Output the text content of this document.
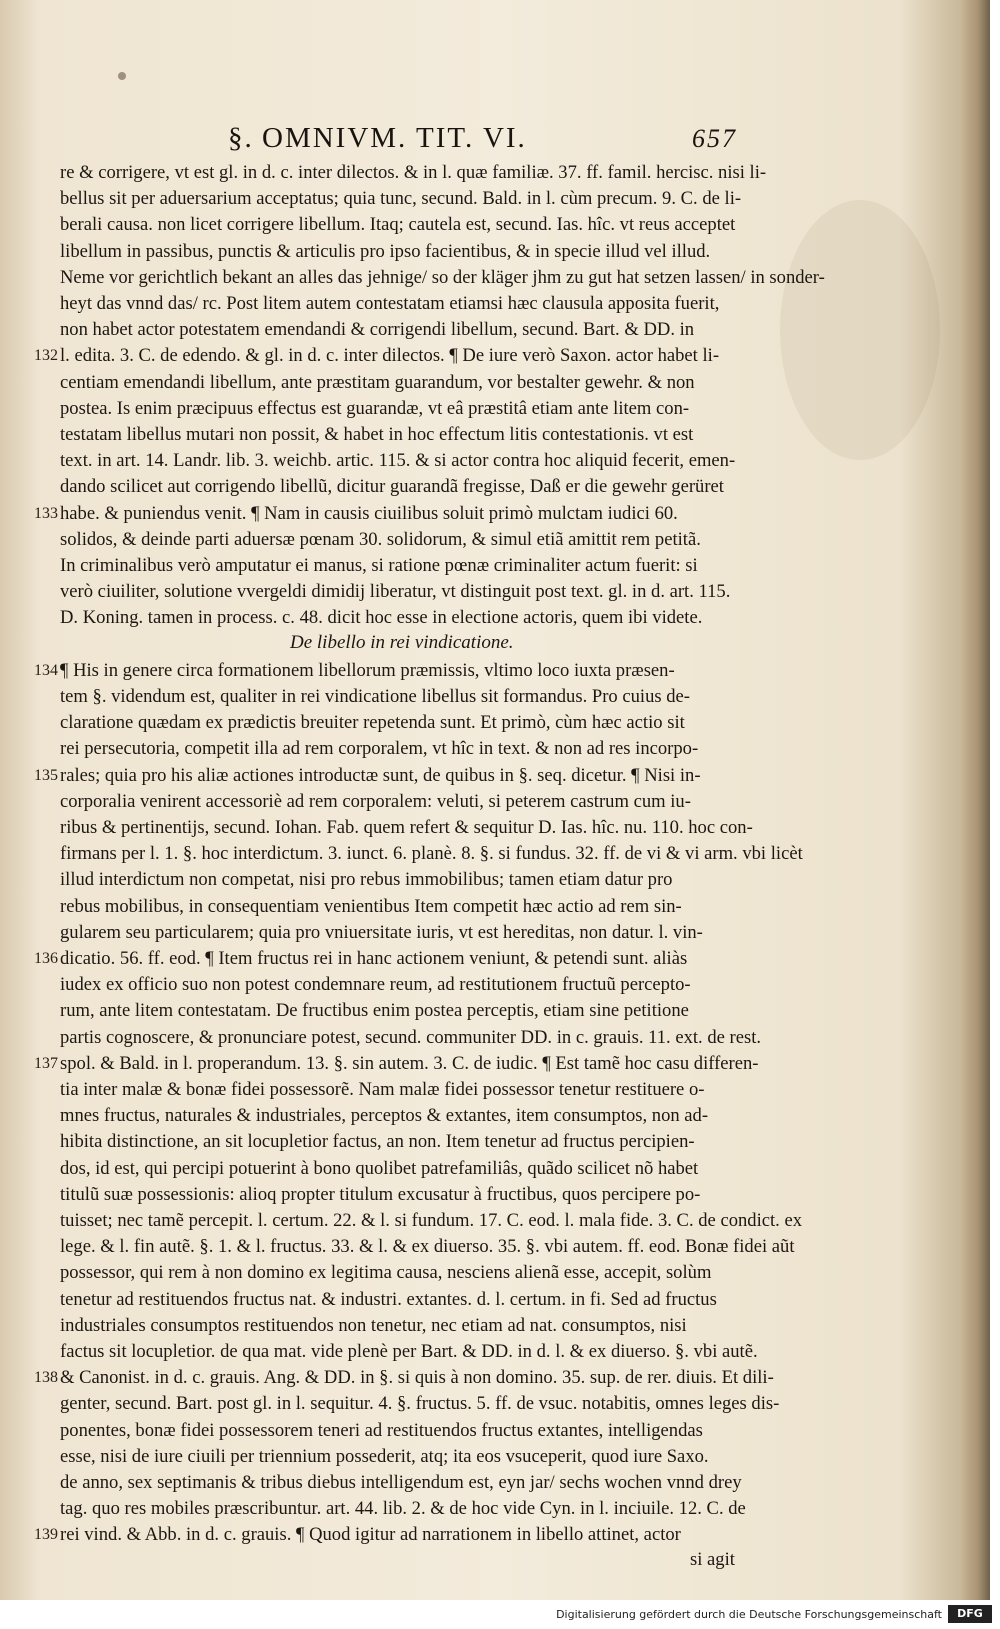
§. OMNIVM. TIT. VI.	657
re & corrigere, vt est gl. in d. c. inter dilectos. & in l. quæ familiæ. 37. ff. famil. hercisc. nisi li-
bellus sit per aduersarium acceptatus; quia tunc, secund. Bald. in l. cùm precum. 9. C. de li-
berali causa. non licet corrigere libellum. Itaq; cautela est, secund. Ias. hîc. vt reus acceptet
libellum in passibus, punctis & articulis pro ipso facientibus, & in specie illud vel illud.
Neme vor gerichtlich bekant an alles das jehnige/ so der kläger jhm zu gut hat setzen lassen/ in sonder-
heyt das vnnd das/ rc. Post litem autem contestatam etiamsi hæc clausula apposita fuerit,
non habet actor potestatem emendandi & corrigendi libellum, secund. Bart. & DD. in
l. edita. 3. C. de edendo. & gl. in d. c. inter dilectos. ¶ De iure verò Saxon. actor habet li-
132
centiam emendandi libellum, ante præstitam guarandum, vor bestalter gewehr. & non
postea. Is enim præcipuus effectus est guarandæ, vt eâ præstitâ etiam ante litem con-
testatam libellus mutari non possit, & habet in hoc effectum litis contestationis. vt est
text. in art. 14. Landr. lib. 3. weichb. artic. 115. & si actor contra hoc aliquid fecerit, emen-
dando scilicet aut corrigendo libellũ, dicitur guarandã fregisse, Daß er die gewehr gerüret
habe. & puniendus venit. ¶ Nam in causis ciuilibus soluit primò mulctam iudici 60.
133
solidos, & deinde parti aduersæ pœnam 30. solidorum, & simul etiã amittit rem petitã.
In criminalibus verò amputatur ei manus, si ratione pœnæ criminaliter actum fuerit: si
verò ciuiliter, solutione vvergeldi dimidij liberatur, vt distinguit post text. gl. in d. art. 115.
D. Koning. tamen in process. c. 48. dicit hoc esse in electione actoris, quem ibi videte.
De libello in rei vindicatione.
¶ His in genere circa formationem libellorum præmissis, vltimo loco iuxta præsen-
134
tem §. videndum est, qualiter in rei vindicatione libellus sit formandus. Pro cuius de-
claratione quædam ex prædictis breuiter repetenda sunt. Et primò, cùm hæc actio sit
rei persecutoria, competit illa ad rem corporalem, vt hîc in text. & non ad res incorpo-
rales; quia pro his aliæ actiones introductæ sunt, de quibus in §. seq. dicetur. ¶ Nisi in-
135
corporalia venirent accessoriè ad rem corporalem: veluti, si peterem castrum cum iu-
ribus & pertinentijs, secund. Iohan. Fab. quem refert & sequitur D. Ias. hîc. nu. 110. hoc con-
firmans per l. 1. §. hoc interdictum. 3. iunct. 6. planè. 8. §. si fundus. 32. ff. de vi & vi arm. vbi licèt
illud interdictum non competat, nisi pro rebus immobilibus; tamen etiam datur pro
rebus mobilibus, in consequentiam venientibus Item competit hæc actio ad rem sin-
gularem seu particularem; quia pro vniuersitate iuris, vt est hereditas, non datur. l. vin-
dicatio. 56. ff. eod. ¶ Item fructus rei in hanc actionem veniunt, & petendi sunt. aliàs
136
iudex ex officio suo non potest condemnare reum, ad restitutionem fructuũ percepto-
rum, ante litem contestatam. De fructibus enim postea perceptis, etiam sine petitione
partis cognoscere, & pronunciare potest, secund. communiter DD. in c. grauis. 11. ext. de rest.
spol. & Bald. in l. properandum. 13. §. sin autem. 3. C. de iudic. ¶ Est tamẽ hoc casu differen-
137
tia inter malæ & bonæ fidei possessorẽ. Nam malæ fidei possessor tenetur restituere o-
mnes fructus, naturales & industriales, perceptos & extantes, item consumptos, non ad-
hibita distinctione, an sit locupletior factus, an non. Item tenetur ad fructus percipien-
dos, id est, qui percipi potuerint à bono quolibet patrefamiliâs, quãdo scilicet nõ habet
titulũ suæ possessionis: alioq propter titulum excusatur à fructibus, quos percipere po-
tuisset; nec tamẽ percepit. l. certum. 22. & l. si fundum. 17. C. eod. l. mala fide. 3. C. de condict. ex
lege. & l. fin autẽ. §. 1. & l. fructus. 33. & l. & ex diuerso. 35. §. vbi autem. ff. eod. Bonæ fidei aũt
possessor, qui rem à non domino ex legitima causa, nesciens alienã esse, accepit, solùm
tenetur ad restituendos fructus nat. & industri. extantes. d. l. certum. in fi. Sed ad fructus
industriales consumptos restituendos non tenetur, nec etiam ad nat. consumptos, nisi
factus sit locupletior. de qua mat. vide plenè per Bart. & DD. in d. l. & ex diuerso. §. vbi autẽ.
& Canonist. in d. c. grauis. Ang. & DD. in §. si quis à non domino. 35. sup. de rer. diuis. Et dili-
138
genter, secund. Bart. post gl. in l. sequitur. 4. §. fructus. 5. ff. de vsuc. notabitis, omnes leges dis-
ponentes, bonæ fidei possessorem teneri ad restituendos fructus extantes, intelligendas
esse, nisi de iure ciuili per triennium possederit, atq; ita eos vsuceperit, quod iure Saxo.
de anno, sex septimanis & tribus diebus intelligendum est, eyn jar/ sechs wochen vnnd drey
tag. quo res mobiles præscribuntur. art. 44. lib. 2. & de hoc vide Cyn. in l. inciuile. 12. C. de
rei vind. & Abb. in d. c. grauis. ¶ Quod igitur ad narrationem in libello attinet, actor
139
si agit
Digitalisierung gefördert durch die Deutsche Forschungsgemeinschaft	DFG
